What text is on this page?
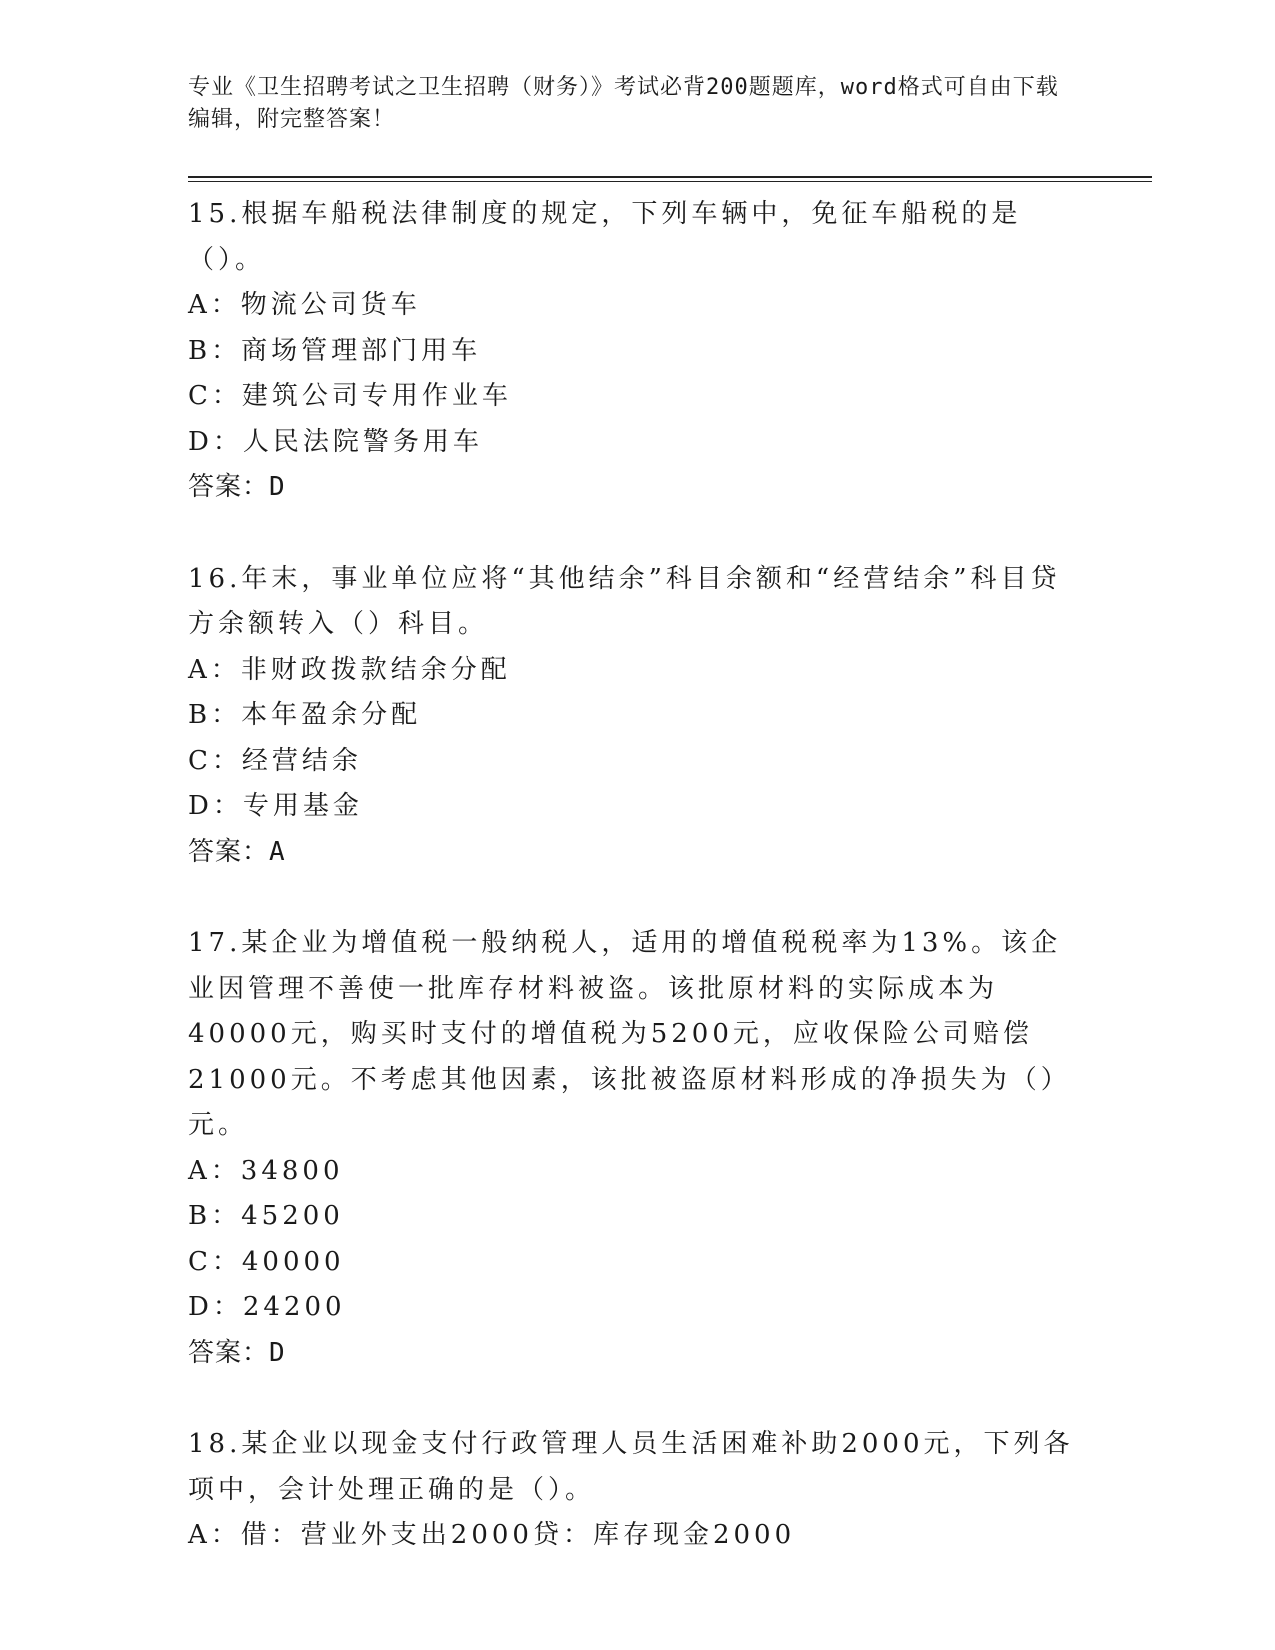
专业《卫生招聘考试之卫生招聘（财务）》考试必背200题题库，word格式可自由下载编辑，附完整答案！

15.根据车船税法律制度的规定，下列车辆中，免征车船税的是（）。

A：物流公司货车
B：商场管理部门用车
C：建筑公司专用作业车
D：人民法院警务用车
答案：D

16.年末，事业单位应将“其他结余”科目余额和“经营结余”科目贷方余额转入（）科目。

A：非财政拨款结余分配
B：本年盈余分配
C：经营结余
D：专用基金
答案：A

17.某企业为增值税一般纳税人，适用的增值税税率为13%。该企业因管理不善使一批库存材料被盗。该批原材料的实际成本为40000元，购买时支付的增值税为5200元，应收保险公司赔偿21000元。不考虑其他因素，该批被盗原材料形成的净损失为（）元。

A：34800
B：45200
C：40000
D：24200
答案：D

18.某企业以现金支付行政管理人员生活困难补助2000元，下列各项中，会计处理正确的是（）。

A：借：营业外支出2000贷：库存现金2000
